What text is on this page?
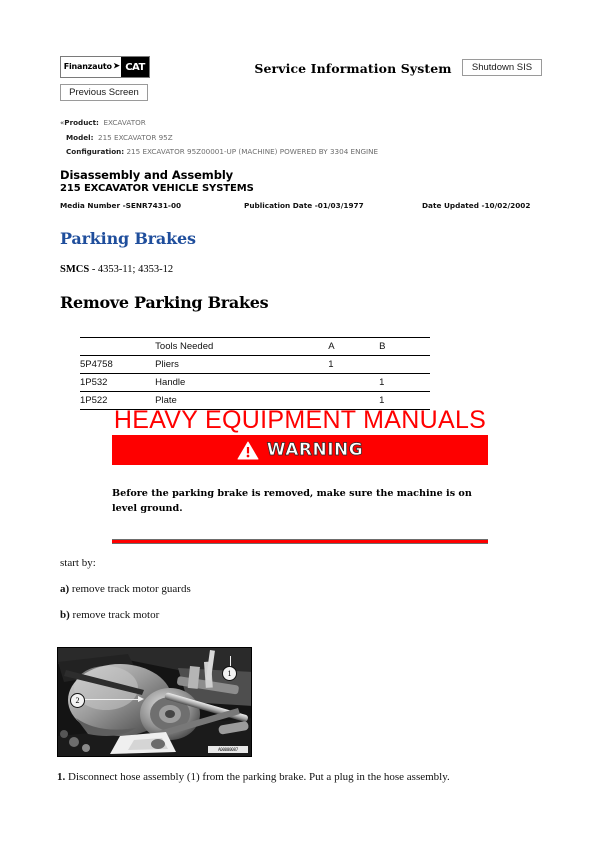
Finanzauto ➤ CAT	Service Information System	Shutdown SIS
Previous Screen
«Product: EXCAVATOR
Model: 215 EXCAVATOR 95Z
Configuration: 215 EXCAVATOR 95Z00001-UP (MACHINE) POWERED BY 3304 ENGINE
Disassembly and Assembly
215 EXCAVATOR VEHICLE SYSTEMS
Media Number -SENR7431-00	Publication Date -01/03/1977	Date Updated -10/02/2002
Parking Brakes
SMCS - 4353-11; 4353-12
Remove Parking Brakes
	Tools Needed	A	B
5P4758	Pliers	1	
1P532	Handle		1
1P522	Plate		1
WARNING
HEAVY EQUIPMENT MANUALS
Before the parking brake is removed, make sure the machine is on level ground.
start by:
a) remove track motor guards
b) remove track motor
1
2
A00000087
1. Disconnect hose assembly (1) from the parking brake. Put a plug in the hose assembly.
